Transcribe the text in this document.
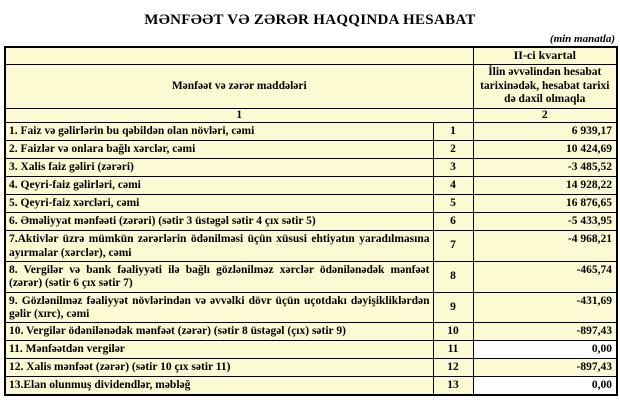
MƏNFƏƏT VƏ ZƏRƏR HAQQINDA HESABAT
(min manatla)
		II-ci kvartal
Mənfəət və zərər maddələri		İlin əvvəlindən hesabat tarixinədək, hesabat tarixi də daxil olmaqla
1		2
1. Faiz və gəlirlərin bu qəbildən olan növləri, cəmi	1	6 939,17
2. Faizlər və onlara bağlı xərclər, cəmi	2	10 424,69
3. Xalis faiz gəliri (zərəri)	3	-3 485,52
4. Qeyri-faiz gəlirləri, cəmi	4	14 928,22
5. Qeyri-faiz xərcləri, cəmi	5	16 876,65
6. Əməliyyat mənfəəti (zərəri) (sətir 3 üstəgəl sətir 4 çıx sətir 5)	6	-5 433,95
7.Aktivlər üzrə mümkün zərərlərin ödənilməsi üçün xüsusi ehtiyatın yaradılmasına ayırmalar (xərclər), cəmi	7	-4 968,21
8. Vergilər və bank fəaliyyəti ilə bağlı gözlənilməz xərclər ödənilənədək mənfəət (zərər) (sətir 6 çıx sətir 7)	8	-465,74
9. Gözlənilməz fəaliyyət növlərindən və əvvəlki dövr üçün uçotdakı dəyişikliklərdən gəlir (xırc), cəmi	9	-431,69
10. Vergilər ödənilənədək mənfəət (zərər) (sətir 8 üstəgəl (çıx) sətir 9)	10	-897,43
11. Mənfəətdən vergilər	11	0,00
12. Xalis mənfəət (zərər) (sətir 10 çıx sətir 11)	12	-897,43
13.Elan olunmuş dividendlər, məbləğ	13	0,00
